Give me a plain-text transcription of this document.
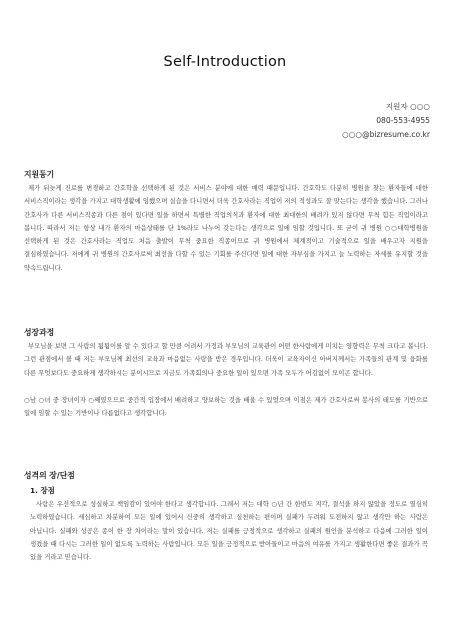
Self-Introduction
지원자 ○○○
080-553-4955
○○○@bizresume.co.kr
지원동기
제가 뒤늦게 진로를 변경하고 간호학을 선택하게 된 것은 서비스 분야에 대한 매력 때문입니다. 간호학도 다분히 병원을 찾는 환자들에 대한 서비스직이라는 생각을 가지고 대학생활에 임했으며 실습을 다니면서 더욱 간호사라는 직업이 저의 적성과도 잘 맞는다는 생각을 했습니다. 그러나 간호사가 다른 서비스직종과 다른 점이 있다면 일을 하면서 특별한 직업의식과 환자에 대한 최대한의 배려가 있지 않다면 무척 힘든 직업이라고 봅니다. 따라서 저는 항상 내가 환자의 마음상태를 단 1%라도 나누어 갖는다는 생각으로 일에 임할 것입니다. 또 굳이 귀 병원 ○○대학병원을 선택하게 된 것은 간호사라는 직업도 처음 출발이 무척 중요한 직종이므로 귀 병원에서 체계적이고 기술적으로 일을 배우고자 지원을 결심하였습니다. 저에게 귀 병원의 간호사로써 최선을 다할 수 있는 기회를 주신다면 일에 대한 자부심을 가지고 늘 노력하는 자세를 유지할 것을 약속드립니다.
성장과정
부모님을 보면 그 사람의 됨됨이를 알 수 있다고 할 만큼 어려서 가정과 부모님의 교육관이 어떤 한사람에게 미치는 영향력은 무척 크다고 봅니다. 그런 관점에서 볼 때 저는 부모님께 최선의 교육과 마음없는 사랑을 받은 경우입니다. 더욱이 교육자이신 아버지께서는 가족들의 관계 및 융화를 다른 무엇보다도 중요하게 생각하시는 분이시므로 지금도 가족회의나 중요한 일이 있으면 가족 모두가 어김없이 모이곤 합니다.
○남 ○녀 중 장녀이자 ○째였으므로 중간적 입장에서 배려하고 양보하는 것을 배울 수 있었으며 이점은 제가 간호사로써 봉사의 태도를 기반으로 일에 임할 수 있는 기반이나 다름없다고 생각합니다.
성격의 장/단점
1. 장점
사람은 우선적으로 성실하고 책임감이 있어야 한다고 생각합니다. 그래서 저는 대학 ○년 간 한번도 지각, 결석을 하지 않았을 정도로 열심히 노력하였습니다. 세심하고 차분하여 모든 일에 있어서 신중히 생각하고 실천하는 편이며 실패가 두려워 도전하지 않고 생각만 하는 사람은 아닙니다. 실패와 성공은 종이 한 장 차이라는 말이 있습니다. 저는 실패를 긍정적으로 생각하고 실패의 원인을 분석하고 다음에 그러한 일이 생겼을 때 다시는 그러한 일이 없도록 노력하는 사람입니다. 모든 일을 긍정적으로 받아들이고 마음의 여유를 가지고 생활한다면 좋은 결과가 꼭 있을 거라고 믿습니다.
